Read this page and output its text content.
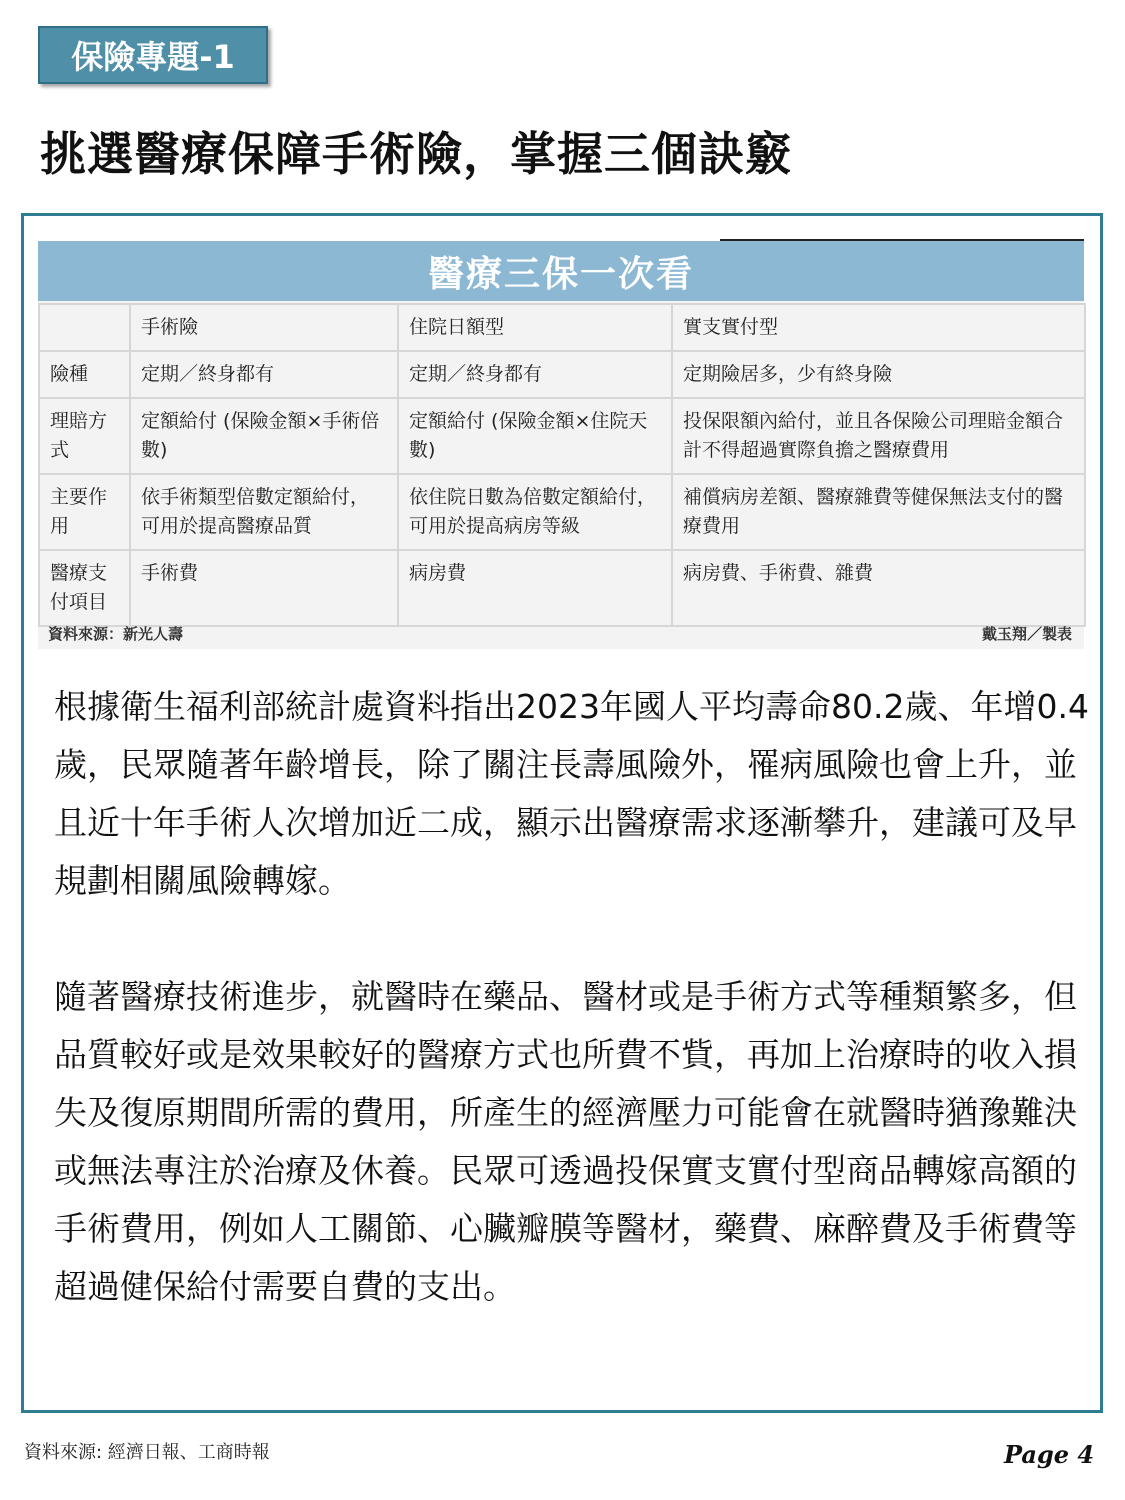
保險專題-1
挑選醫療保障手術險，掌握三個訣竅
醫療三保一次看
	手術險	住院日額型	實支實付型
險種	定期／終身都有	定期／終身都有	定期險居多，少有終身險
理賠方式	定額給付 (保險金額×手術倍數)	定額給付 (保險金額×住院天數)	投保限額內給付，並且各保險公司理賠金額合計不得超過實際負擔之醫療費用
主要作用	依手術類型倍數定額給付，可用於提高醫療品質	依住院日數為倍數定額給付，可用於提高病房等級	補償病房差額、醫療雜費等健保無法支付的醫療費用
醫療支付項目	手術費	病房費	病房費、手術費、雜費
資料來源：新光人壽	戴玉翔／製表

根據衛生福利部統計處資料指出2023年國人平均壽命80.2歲、年增0.4歲，民眾隨著年齡增長，除了關注長壽風險外，罹病風險也會上升，並且近十年手術人次增加近二成，顯示出醫療需求逐漸攀升，建議可及早規劃相關風險轉嫁。

隨著醫療技術進步，就醫時在藥品、醫材或是手術方式等種類繁多，但品質較好或是效果較好的醫療方式也所費不貲，再加上治療時的收入損失及復原期間所需的費用，所產生的經濟壓力可能會在就醫時猶豫難決或無法專注於治療及休養。民眾可透過投保實支實付型商品轉嫁高額的手術費用，例如人工關節、心臟瓣膜等醫材，藥費、麻醉費及手術費等超過健保給付需要自費的支出。

資料來源: 經濟日報、工商時報	Page 4
